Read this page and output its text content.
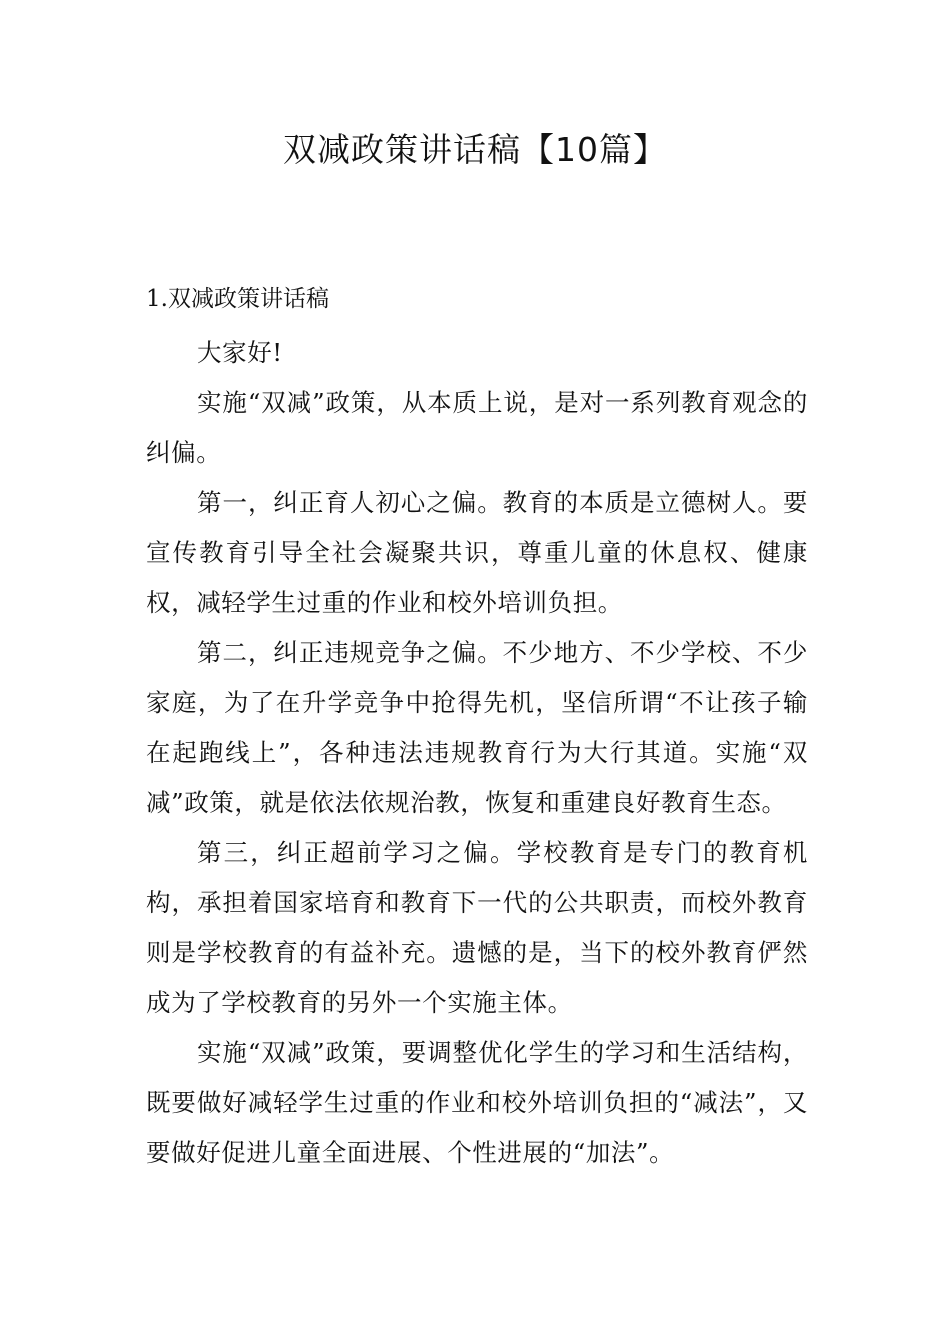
双减政策讲话稿【10篇】
1.双减政策讲话稿

大家好!

实施“双减”政策，从本质上说，是对一系列教育观念的纠偏。

第一，纠正育人初心之偏。教育的本质是立德树人。要宣传教育引导全社会凝聚共识，尊重儿童的休息权、健康权，减轻学生过重的作业和校外培训负担。

第二，纠正违规竞争之偏。不少地方、不少学校、不少家庭，为了在升学竞争中抢得先机，坚信所谓“不让孩子输在起跑线上”，各种违法违规教育行为大行其道。实施“双减”政策，就是依法依规治教，恢复和重建良好教育生态。

第三，纠正超前学习之偏。学校教育是专门的教育机构，承担着国家培育和教育下一代的公共职责，而校外教育则是学校教育的有益补充。遗憾的是，当下的校外教育俨然成为了学校教育的另外一个实施主体。

实施“双减”政策，要调整优化学生的学习和生活结构，既要做好减轻学生过重的作业和校外培训负担的“减法”，又要做好促进儿童全面进展、个性进展的“加法”。
